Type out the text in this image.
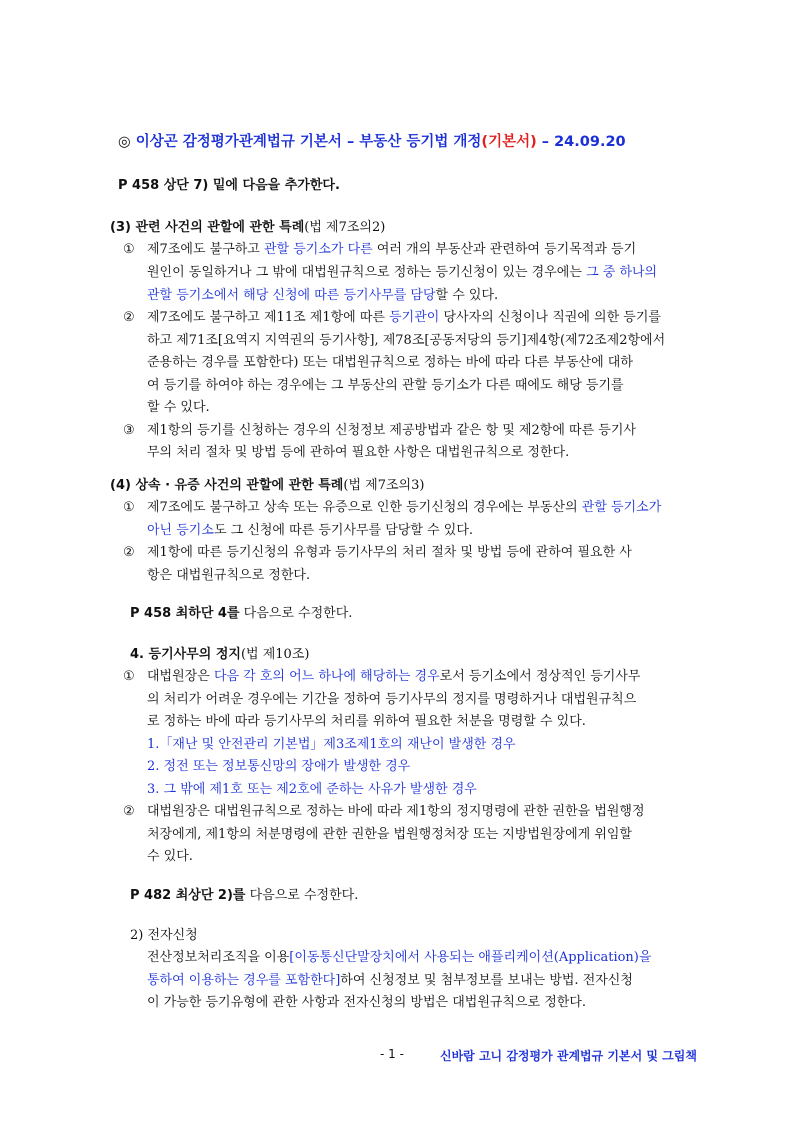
◎ 이상곤 감정평가관계법규 기본서 – 부동산 등기법 개정(기본서) – 24.09.20
P 458 상단 7) 밑에 다음을 추가한다.
(3) 관련 사건의 관할에 관한 특례(법 제7조의2)
① 제7조에도 불구하고 관할 등기소가 다른 여러 개의 부동산과 관련하여 등기목적과 등기
원인이 동일하거나 그 밖에 대법원규칙으로 정하는 등기신청이 있는 경우에는 그 중 하나의
관할 등기소에서 해당 신청에 따른 등기사무를 담당할 수 있다.
② 제7조에도 불구하고 제11조 제1항에 따른 등기관이 당사자의 신청이나 직권에 의한 등기를
하고 제71조[요역지 지역권의 등기사항], 제78조[공동저당의 등기]제4항(제72조제2항에서
준용하는 경우를 포함한다) 또는 대법원규칙으로 정하는 바에 따라 다른 부동산에 대하
여 등기를 하여야 하는 경우에는 그 부동산의 관할 등기소가 다른 때에도 해당 등기를
할 수 있다.
③ 제1항의 등기를 신청하는 경우의 신청정보 제공방법과 같은 항 및 제2항에 따른 등기사
무의 처리 절차 및 방법 등에 관하여 필요한 사항은 대법원규칙으로 정한다.
(4) 상속 · 유증 사건의 관할에 관한 특례(법 제7조의3)
① 제7조에도 불구하고 상속 또는 유증으로 인한 등기신청의 경우에는 부동산의 관할 등기소가
아닌 등기소도 그 신청에 따른 등기사무를 담당할 수 있다.
② 제1항에 따른 등기신청의 유형과 등기사무의 처리 절차 및 방법 등에 관하여 필요한 사
항은 대법원규칙으로 정한다.
P 458 최하단 4를 다음으로 수정한다.
4. 등기사무의 정지(법 제10조)
① 대법원장은 다음 각 호의 어느 하나에 해당하는 경우로서 등기소에서 정상적인 등기사무
의 처리가 어려운 경우에는 기간을 정하여 등기사무의 정지를 명령하거나 대법원규칙으
로 정하는 바에 따라 등기사무의 처리를 위하여 필요한 처분을 명령할 수 있다.
1.「재난 및 안전관리 기본법」제3조제1호의 재난이 발생한 경우
2. 정전 또는 정보통신망의 장애가 발생한 경우
3. 그 밖에 제1호 또는 제2호에 준하는 사유가 발생한 경우
② 대법원장은 대법원규칙으로 정하는 바에 따라 제1항의 정지명령에 관한 권한을 법원행정
처장에게, 제1항의 처분명령에 관한 권한을 법원행정처장 또는 지방법원장에게 위임할
수 있다.
P 482 최상단 2)를 다음으로 수정한다.
2) 전자신청
전산정보처리조직을 이용[이동통신단말장치에서 사용되는 애플리케이션(Application)을
통하여 이용하는 경우를 포함한다]하여 신청정보 및 첨부정보를 보내는 방법. 전자신청
이 가능한 등기유형에 관한 사항과 전자신청의 방법은 대법원규칙으로 정한다.
- 1 -	신바람 고니 감정평가 관계법규 기본서 및 그림책
